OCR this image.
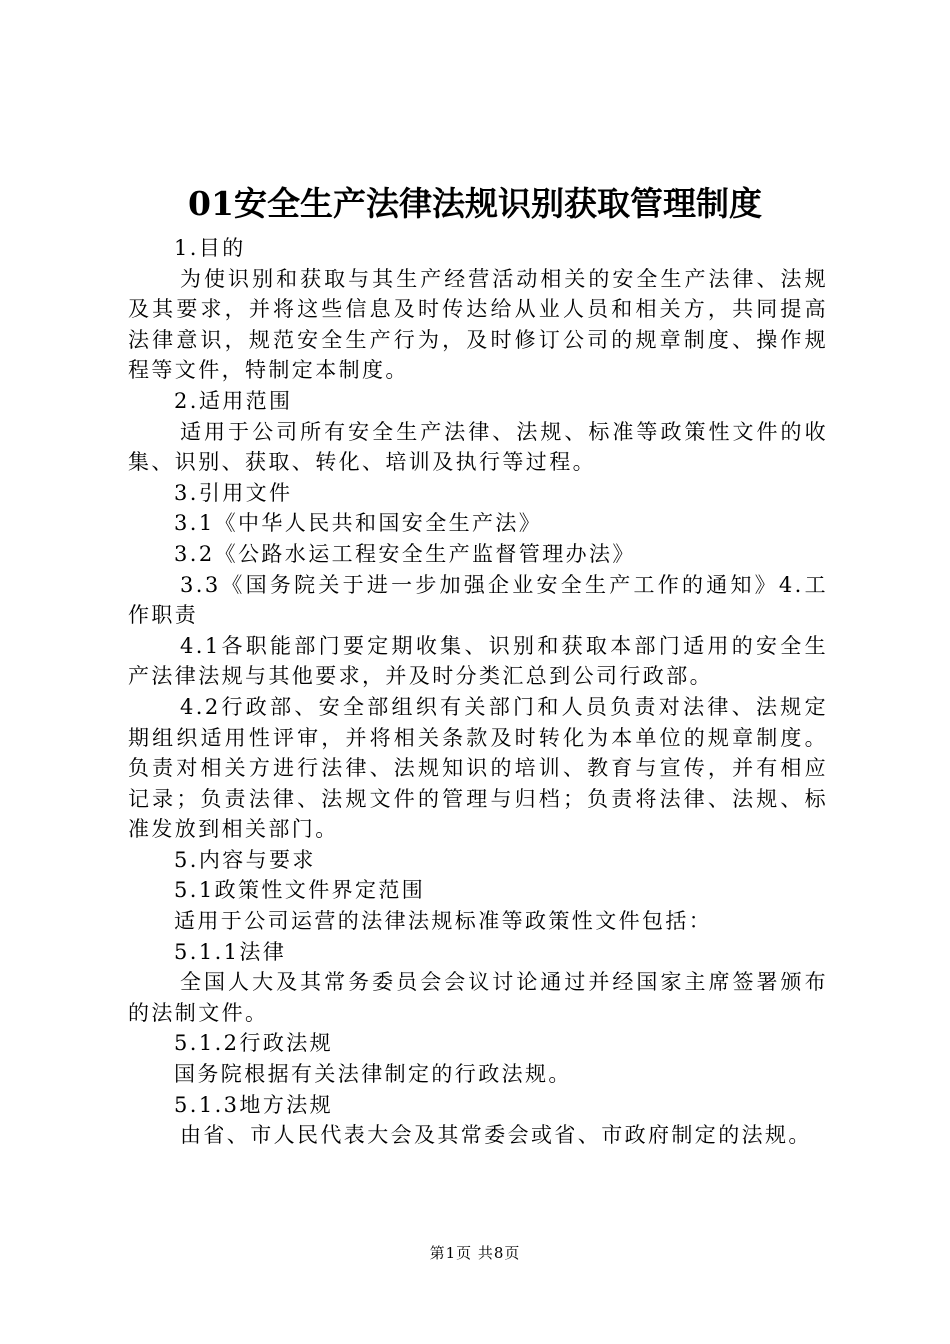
01安全生产法律法规识别获取管理制度

1.目的

为使识别和获取与其生产经营活动相关的安全生产法律、法规及其要求，并将这些信息及时传达给从业人员和相关方，共同提高法律意识，规范安全生产行为，及时修订公司的规章制度、操作规程等文件，特制定本制度。

2.适用范围

适用于公司所有安全生产法律、法规、标准等政策性文件的收集、识别、获取、转化、培训及执行等过程。

3.引用文件

3.1《中华人民共和国安全生产法》

3.2《公路水运工程安全生产监督管理办法》

3.3《国务院关于进一步加强企业安全生产工作的通知》4.工作职责

4.1各职能部门要定期收集、识别和获取本部门适用的安全生产法律法规与其他要求，并及时分类汇总到公司行政部。

4.2行政部、安全部组织有关部门和人员负责对法律、法规定期组织适用性评审，并将相关条款及时转化为本单位的规章制度。负责对相关方进行法律、法规知识的培训、教育与宣传，并有相应记录；负责法律、法规文件的管理与归档；负责将法律、法规、标准发放到相关部门。

5.内容与要求

5.1政策性文件界定范围

适用于公司运营的法律法规标准等政策性文件包括：

5.1.1法律

全国人大及其常务委员会会议讨论通过并经国家主席签署颁布的法制文件。

5.1.2行政法规

国务院根据有关法律制定的行政法规。

5.1.3地方法规

由省、市人民代表大会及其常委会或省、市政府制定的法规。

第1页 共8页
